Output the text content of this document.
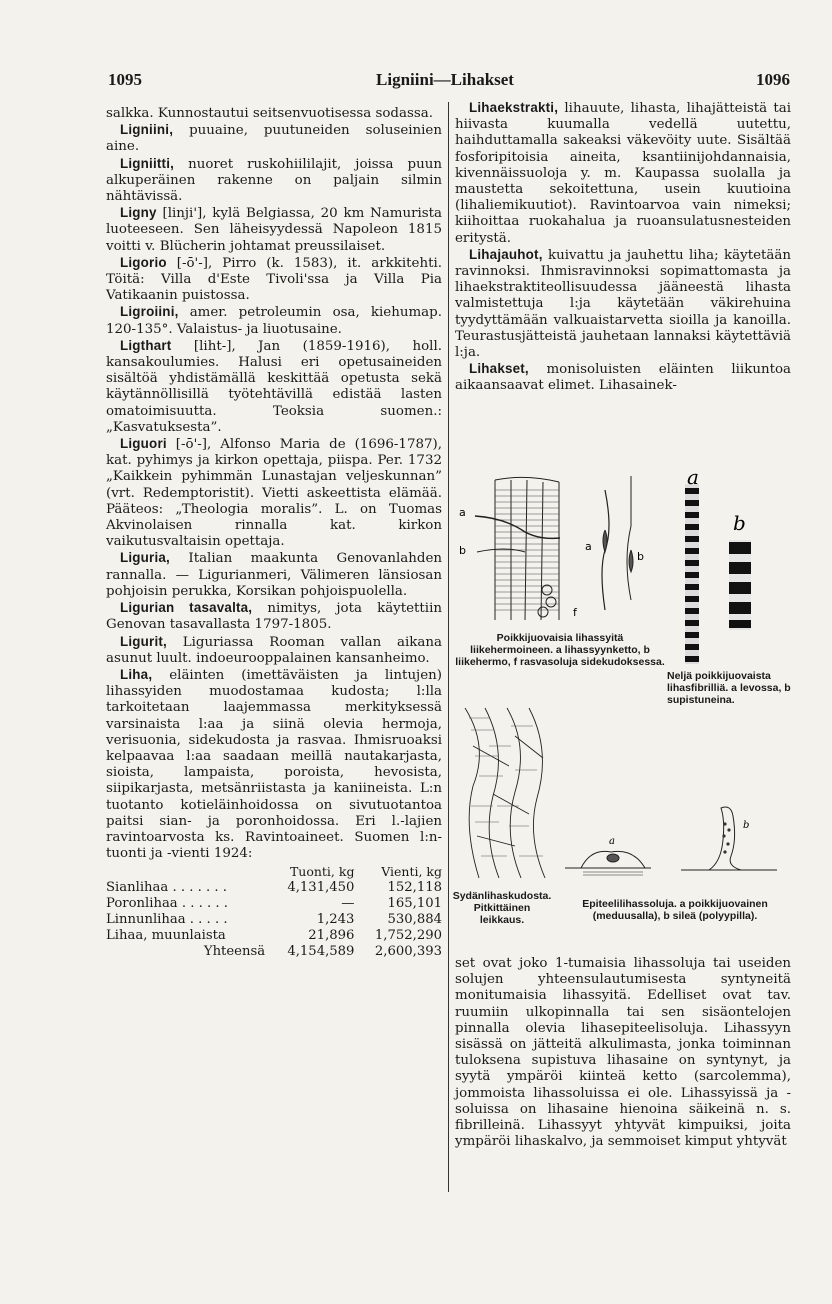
1095	Ligniini—Lihakset	1096

salkka. Kunnostautui seitsenvuotisessa sodassa.

Ligniini, puuaine, puutuneiden soluseinien aine.

Ligniitti, nuoret ruskohiililajit, joissa puun alkuperäinen rakenne on paljain silmin nähtävissä.

Ligny [linji'], kylä Belgiassa, 20 km Namurista luoteeseen. Sen läheisyydessä Napoleon 1815 voitti v. Blücherin johtamat preussilaiset.

Ligorio [-ō'-], Pirro (k. 1583), it. arkkitehti. Töitä: Villa d'Este Tivoli'ssa ja Villa Pia Vatikaanin puistossa.

Ligroiini, amer. petroleumin osa, kiehumap. 120-135°. Valaistus- ja liuotusaine.

Ligthart [liht-], Jan (1859-1916), holl. kansakoulumies. Halusi eri opetusaineiden sisältöä yhdistämällä keskittää opetusta sekä käytännöllisillä työtehtävillä edistää lasten omatoimisuutta. Teoksia suomen.: „Kasvatuksesta”.

Liguori [-ō'-], Alfonso Maria de (1696-1787), kat. pyhimys ja kirkon opettaja, piispa. Per. 1732 „Kaikkein pyhimmän Lunastajan veljeskunnan” (vrt. Redemptoristit). Vietti askeettista elämää. Pääteos: „Theologia moralis”. L. on Tuomas Akvinolaisen rinnalla kat. kirkon vaikutusvaltaisin opettaja.

Liguria, Italian maakunta Genovanlahden rannalla. — Ligurianmeri, Välimeren länsiosan pohjoisin perukka, Korsikan pohjoispuolella.

Ligurian tasavalta, nimitys, jota käytettiin Genovan tasavallasta 1797-1805.

Ligurit, Liguriassa Rooman vallan aikana asunut luult. indoeurooppalainen kansanheimo.

Liha, eläinten (imettäväisten ja lintujen) lihassyiden muodostamaa kudosta; l:lla tarkoitetaan laajemmassa merkityksessä varsinaista l:aa ja siinä olevia hermoja, verisuonia, sidekudosta ja rasvaa. Ihmisruoaksi kelpaavaa l:aa saadaan meillä nautakarjasta, sioista, lampaista, poroista, hevosista, siipikarjasta, metsänriistasta ja kaniineista. L:n tuotanto kotieläinhoidossa on sivutuotantoa paitsi sian- ja poronhoidossa. Eri l.-lajien ravintoarvosta ks. Ravintoaineet. Suomen l:n-tuonti ja -vienti 1924:

	Tuonti, kg	Vienti, kg
Sianlihaa . . . . . . .	4,131,450	152,118
Poronlihaa . . . . . .	—	165,101
Linnunlihaa . . . . .	1,243	530,884
Lihaa, muunlaista	21,896	1,752,290
Yhteensä	4,154,589	2,600,393

Lihaekstrakti, lihauute, lihasta, lihajätteistä tai hiivasta kuumalla vedellä uutettu, haihduttamalla sakeaksi väkevöity uute. Sisältää fosforipitoisia aineita, ksantiinijohdannaisia, kivennäissuoloja y. m. Kaupassa suolalla ja maustetta sekoitettuna, usein kuutioina (lihaliemikuutiot). Ravintoarvoa vain nimeksi; kiihoittaa ruokahalua ja ruoansulatusnesteiden eritystä.

Lihajauhot, kuivattu ja jauhettu liha; käytetään ravinnoksi. Ihmisravinnoksi sopimattomasta ja lihaekstraktiteollisuudessa jääneestä lihasta valmistettuja l:ja käytetään väkirehuina tyydyttämään valkuaistarvetta sioilla ja kanoilla. Teurastusjätteistä jauhetaan lannaksi käytettäviä l:ja.

Lihakset, monisoluisten eläinten liikuntoa aikaansaavat elimet. Lihasainek-

a
b	a
b
f
Poikkijuovaisia lihassyitä liikehermoineen. a lihassyynketto, b liikehermo, f rasvasoluja sidekudoksessa.
a
b
Neljä poikkijuovaista lihasfibrilliä. a levossa, b supistuneina.
Sydänlihaskudosta. Pitkittäinen leikkaus.
a
b
Epiteelilihassoluja. a poikkijuovainen (meduusalla), b sileä (polyypilla).
set ovat joko 1-tumaisia lihassoluja tai useiden solujen yhteensulautumisesta syntyneitä monitumaisia lihassyitä. Edelliset ovat tav. ruumiin ulkopinnalla tai sen sisäontelojen pinnalla olevia lihasepiteelisoluja. Lihassyyn sisässä on jätteitä alkulimasta, jonka toiminnan tuloksena supistuva lihasaine on syntynyt, ja syytä ympäröi kiinteä ketto (sarcolemma), jommoista lihassoluissa ei ole. Lihassyissä ja -soluissa on lihasaine hienoina säikeinä n. s. fibrilleinä. Lihassyyt yhtyvät kimpuiksi, joita ympäröi lihaskalvo, ja semmoiset kimput yhtyvät
